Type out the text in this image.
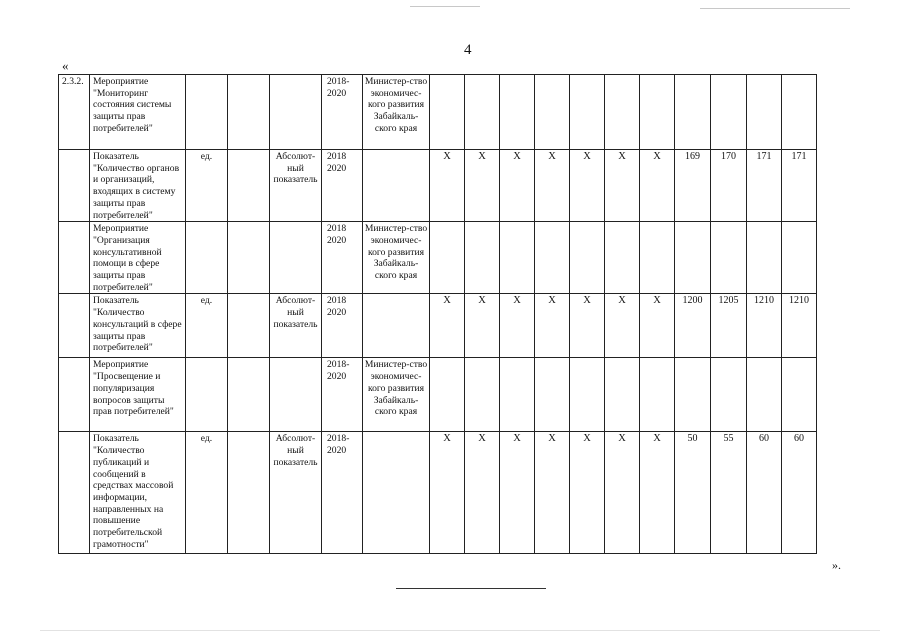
4
«
2.3.2.	Мероприятие "Мониторинг состояния системы защиты прав потребителей"				2018-2020	Министер-ство экономичес-кого развития Забайкаль-ского края											
	Показатель "Количество органов и организаций, входящих в систему защиты прав потребителей"	ед.		Абсолют-ный показатель	2018 2020		X	X	X	X	X	X	X	169	170	171	171
	Мероприятие "Организация консультативной помощи в сфере защиты прав потребителей"				2018 2020	Министер-ство экономичес-кого развития Забайкаль-ского края											
	Показатель "Количество консультаций в сфере защиты прав потребителей"	ед.		Абсолют-ный показатель	2018 2020		X	X	X	X	X	X	X	1200	1205	1210	1210
	Мероприятие "Просвещение и популяризация вопросов защиты прав потребителей"				2018-2020	Министер-ство экономичес-кого развития Забайкаль-ского края											
	Показатель "Количество публикаций и сообщений в средствах массовой информации, направленных на повышение потребительской грамотности"	ед.		Абсолют-ный показатель	2018-2020		X	X	X	X	X	X	X	50	55	60	60
».
